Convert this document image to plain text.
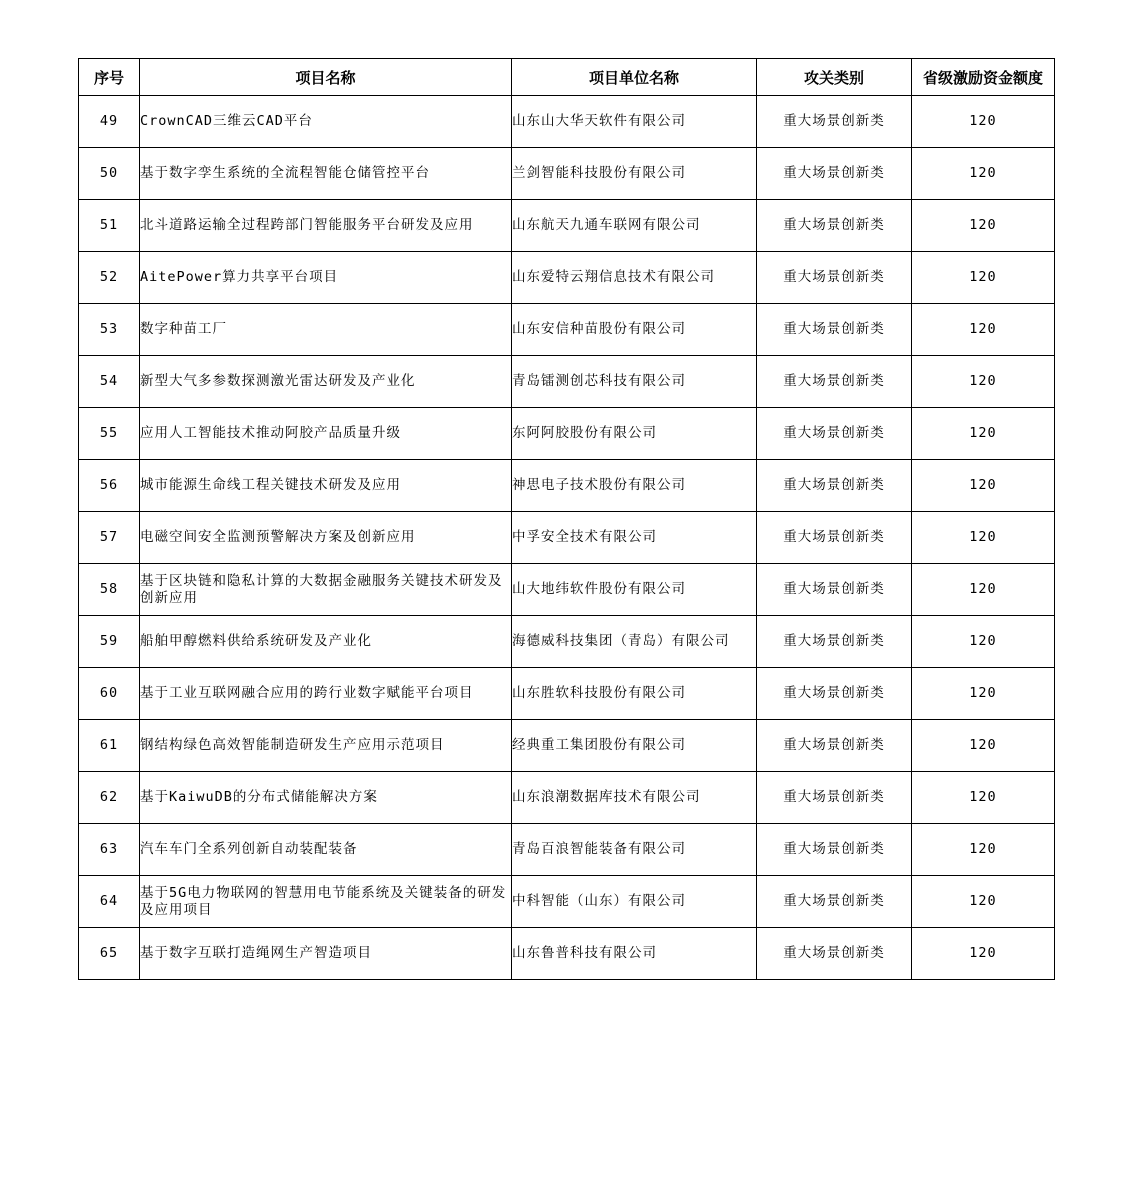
序号	项目名称	项目单位名称	攻关类别	省级激励资金额度
49	CrownCAD三维云CAD平台	山东山大华天软件有限公司	重大场景创新类	120
50	基于数字孪生系统的全流程智能仓储管控平台	兰剑智能科技股份有限公司	重大场景创新类	120
51	北斗道路运输全过程跨部门智能服务平台研发及应用	山东航天九通车联网有限公司	重大场景创新类	120
52	AitePower算力共享平台项目	山东爱特云翔信息技术有限公司	重大场景创新类	120
53	数字种苗工厂	山东安信种苗股份有限公司	重大场景创新类	120
54	新型大气多参数探测激光雷达研发及产业化	青岛镭测创芯科技有限公司	重大场景创新类	120
55	应用人工智能技术推动阿胶产品质量升级	东阿阿胶股份有限公司	重大场景创新类	120
56	城市能源生命线工程关键技术研发及应用	神思电子技术股份有限公司	重大场景创新类	120
57	电磁空间安全监测预警解决方案及创新应用	中孚安全技术有限公司	重大场景创新类	120
58	基于区块链和隐私计算的大数据金融服务关键技术研发及创新应用	山大地纬软件股份有限公司	重大场景创新类	120
59	船舶甲醇燃料供给系统研发及产业化	海德威科技集团（青岛）有限公司	重大场景创新类	120
60	基于工业互联网融合应用的跨行业数字赋能平台项目	山东胜软科技股份有限公司	重大场景创新类	120
61	钢结构绿色高效智能制造研发生产应用示范项目	经典重工集团股份有限公司	重大场景创新类	120
62	基于KaiwuDB的分布式储能解决方案	山东浪潮数据库技术有限公司	重大场景创新类	120
63	汽车车门全系列创新自动装配装备	青岛百浪智能装备有限公司	重大场景创新类	120
64	基于5G电力物联网的智慧用电节能系统及关键装备的研发及应用项目	中科智能（山东）有限公司	重大场景创新类	120
65	基于数字互联打造绳网生产智造项目	山东鲁普科技有限公司	重大场景创新类	120
